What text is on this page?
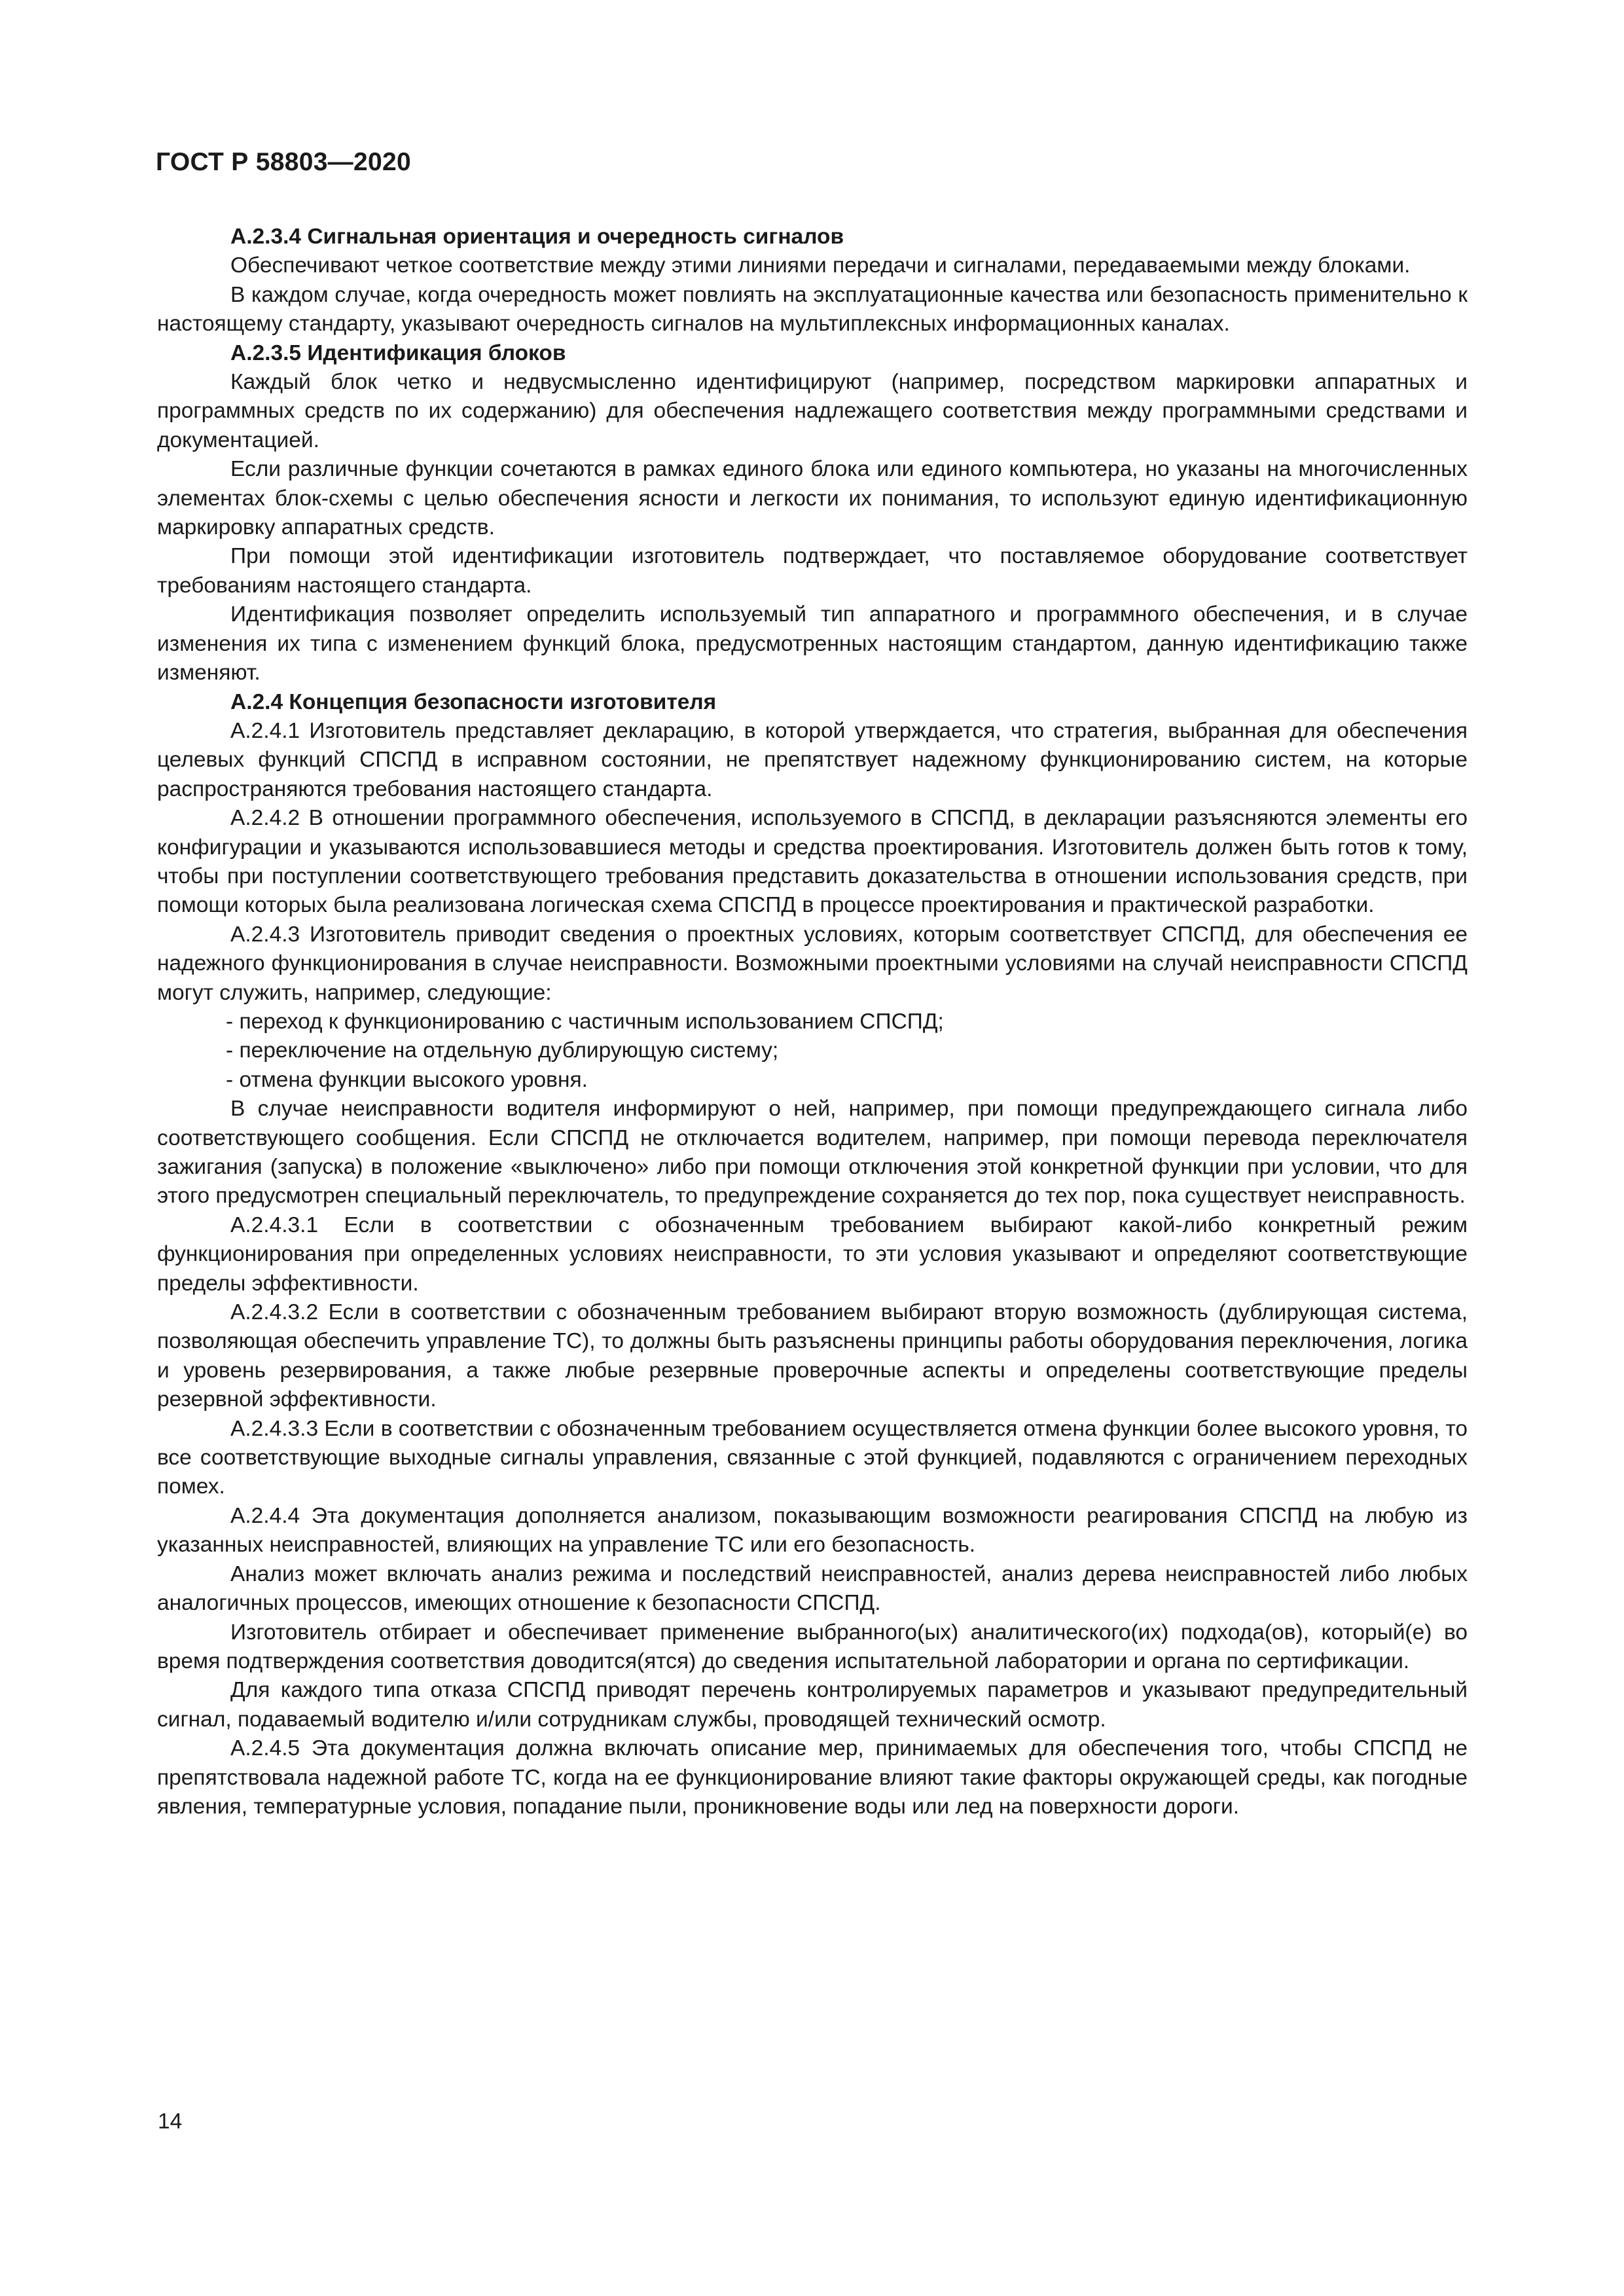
ГОСТ Р 58803—2020

А.2.3.4 Сигнальная ориентация и очередность сигналов

Обеспечивают четкое соответствие между этими линиями передачи и сигналами, передаваемыми между блоками.

В каждом случае, когда очередность может повлиять на эксплуатационные качества или безопасность применительно к настоящему стандарту, указывают очередность сигналов на мультиплексных информационных каналах.

А.2.3.5 Идентификация блоков

Каждый блок четко и недвусмысленно идентифицируют (например, посредством маркировки аппаратных и программных средств по их содержанию) для обеспечения надлежащего соответствия между программными средствами и документацией.

Если различные функции сочетаются в рамках единого блока или единого компьютера, но указаны на многочисленных элементах блок-схемы с целью обеспечения ясности и легкости их понимания, то используют единую идентификационную маркировку аппаратных средств.

При помощи этой идентификации изготовитель подтверждает, что поставляемое оборудование соответствует требованиям настоящего стандарта.

Идентификация позволяет определить используемый тип аппаратного и программного обеспечения, и в случае изменения их типа с изменением функций блока, предусмотренных настоящим стандартом, данную идентификацию также изменяют.

А.2.4 Концепция безопасности изготовителя

А.2.4.1 Изготовитель представляет декларацию, в которой утверждается, что стратегия, выбранная для обеспечения целевых функций СПСПД в исправном состоянии, не препятствует надежному функционированию систем, на которые распространяются требования настоящего стандарта.

А.2.4.2 В отношении программного обеспечения, используемого в СПСПД, в декларации разъясняются элементы его конфигурации и указываются использовавшиеся методы и средства проектирования. Изготовитель должен быть готов к тому, чтобы при поступлении соответствующего требования представить доказательства в отношении использования средств, при помощи которых была реализована логическая схема СПСПД в процессе проектирования и практической разработки.

А.2.4.3 Изготовитель приводит сведения о проектных условиях, которым соответствует СПСПД, для обеспечения ее надежного функционирования в случае неисправности. Возможными проектными условиями на случай неисправности СПСПД могут служить, например, следующие:

- переход к функционированию с частичным использованием СПСПД;

- переключение на отдельную дублирующую систему;

- отмена функции высокого уровня.

В случае неисправности водителя информируют о ней, например, при помощи предупреждающего сигнала либо соответствующего сообщения. Если СПСПД не отключается водителем, например, при помощи перевода переключателя зажигания (запуска) в положение «выключено» либо при помощи отключения этой конкретной функции при условии, что для этого предусмотрен специальный переключатель, то предупреждение сохраняется до тех пор, пока существует неисправность.

А.2.4.3.1 Если в соответствии с обозначенным требованием выбирают какой-либо конкретный режим функционирования при определенных условиях неисправности, то эти условия указывают и определяют соответствующие пределы эффективности.

А.2.4.3.2 Если в соответствии с обозначенным требованием выбирают вторую возможность (дублирующая система, позволяющая обеспечить управление ТС), то должны быть разъяснены принципы работы оборудования переключения, логика и уровень резервирования, а также любые резервные проверочные аспекты и определены соответствующие пределы резервной эффективности.

А.2.4.3.3 Если в соответствии с обозначенным требованием осуществляется отмена функции более высокого уровня, то все соответствующие выходные сигналы управления, связанные с этой функцией, подавляются с ограничением переходных помех.

А.2.4.4 Эта документация дополняется анализом, показывающим возможности реагирования СПСПД на любую из указанных неисправностей, влияющих на управление ТС или его безопасность.

Анализ может включать анализ режима и последствий неисправностей, анализ дерева неисправностей либо любых аналогичных процессов, имеющих отношение к безопасности СПСПД.

Изготовитель отбирает и обеспечивает применение выбранного(ых) аналитического(их) подхода(ов), который(е) во время подтверждения соответствия доводится(ятся) до сведения испытательной лаборатории и органа по сертификации.

Для каждого типа отказа СПСПД приводят перечень контролируемых параметров и указывают предупредительный сигнал, подаваемый водителю и/или сотрудникам службы, проводящей технический осмотр.

А.2.4.5 Эта документация должна включать описание мер, принимаемых для обеспечения того, чтобы СПСПД не препятствовала надежной работе ТС, когда на ее функционирование влияют такие факторы окружающей среды, как погодные явления, температурные условия, попадание пыли, проникновение воды или лед на поверхности дороги.

14
